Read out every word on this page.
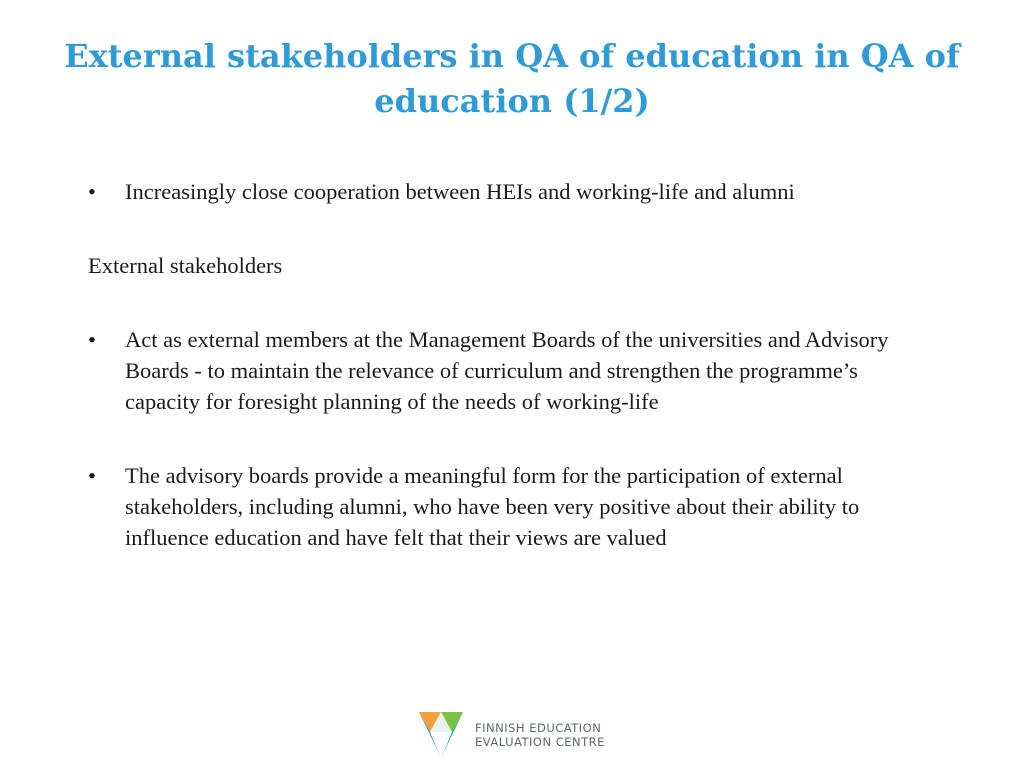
External stakeholders in QA of education in QA of education (1/2)
•	Increasingly close cooperation between HEIs and working-life and alumni

External stakeholders

•	Act as external members at the Management Boards of the universities and Advisory Boards - to maintain the relevance of curriculum and strengthen the programme’s capacity for foresight planning of the needs of working-life
•	The advisory boards provide a meaningful form for the participation of external stakeholders, including alumni, who have been very positive about their ability to influence education and have felt that their views are valued
FINNISH EDUCATION
EVALUATION CENTRE
